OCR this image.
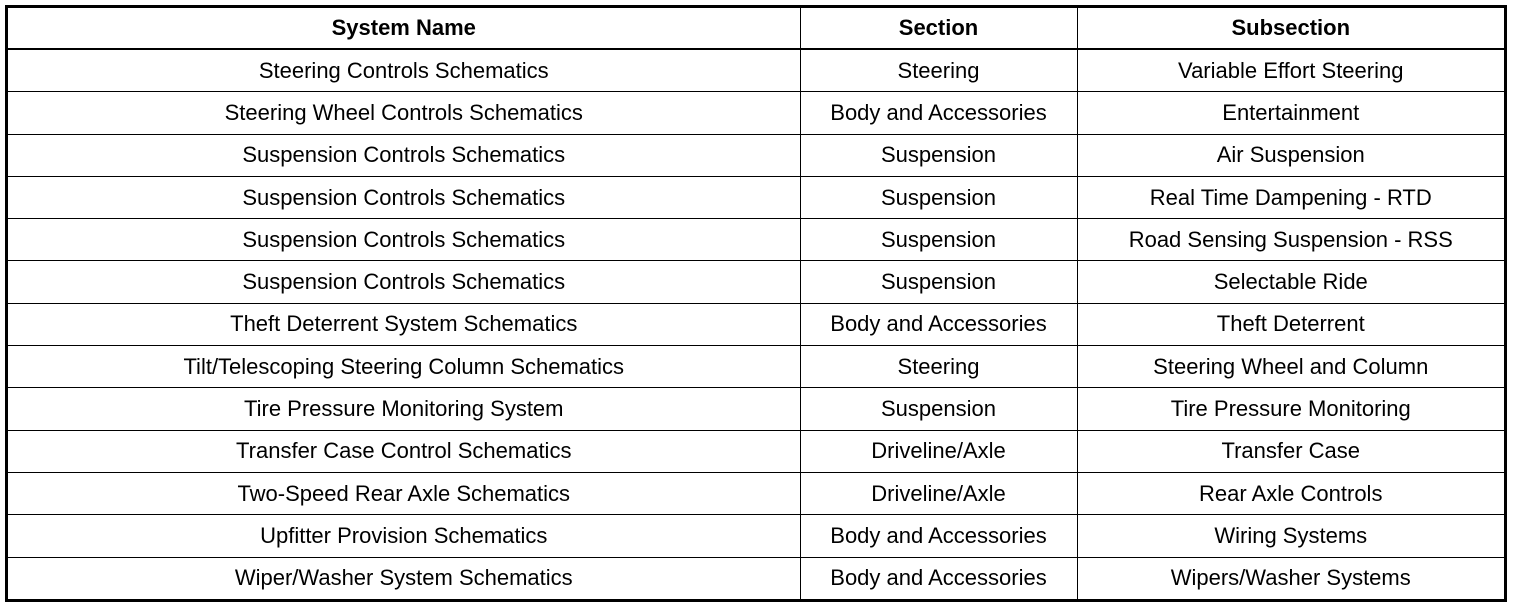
System Name	Section	Subsection
Steering Controls Schematics	Steering	Variable Effort Steering
Steering Wheel Controls Schematics	Body and Accessories	Entertainment
Suspension Controls Schematics	Suspension	Air Suspension
Suspension Controls Schematics	Suspension	Real Time Dampening - RTD
Suspension Controls Schematics	Suspension	Road Sensing Suspension - RSS
Suspension Controls Schematics	Suspension	Selectable Ride
Theft Deterrent System Schematics	Body and Accessories	Theft Deterrent
Tilt/Telescoping Steering Column Schematics	Steering	Steering Wheel and Column
Tire Pressure Monitoring System	Suspension	Tire Pressure Monitoring
Transfer Case Control Schematics	Driveline/Axle	Transfer Case
Two-Speed Rear Axle Schematics	Driveline/Axle	Rear Axle Controls
Upfitter Provision Schematics	Body and Accessories	Wiring Systems
Wiper/Washer System Schematics	Body and Accessories	Wipers/Washer Systems
